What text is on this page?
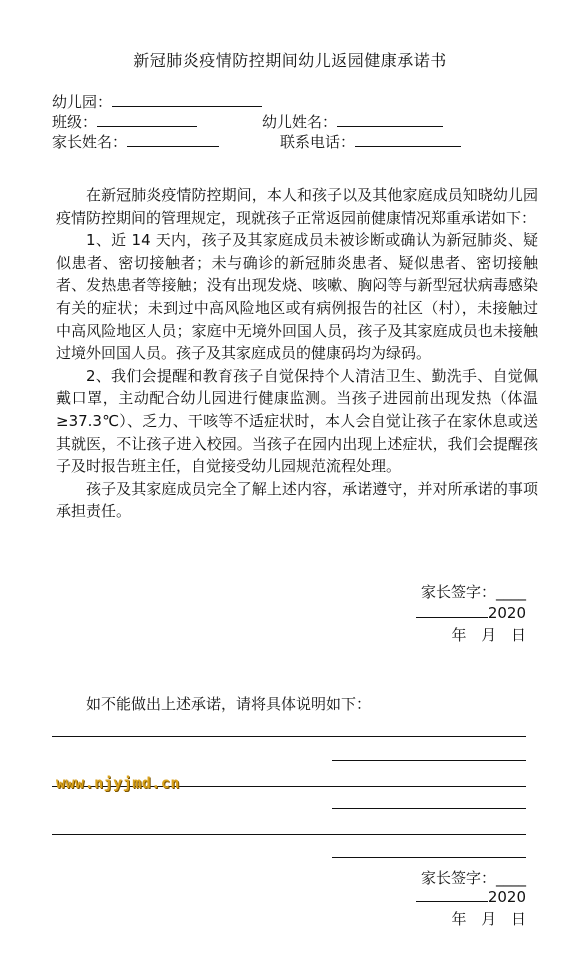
新冠肺炎疫情防控期间幼儿返园健康承诺书
幼儿园：
班级：	幼儿姓名：
家长姓名：	联系电话：

在新冠肺炎疫情防控期间，本人和孩子以及其他家庭成员知晓幼儿园疫情防控期间的管理规定，现就孩子正常返园前健康情况郑重承诺如下：

1、近 14 天内，孩子及其家庭成员未被诊断或确认为新冠肺炎、疑似患者、密切接触者；未与确诊的新冠肺炎患者、疑似患者、密切接触者、发热患者等接触；没有出现发烧、咳嗽、胸闷等与新型冠状病毒感染有关的症状；未到过中高风险地区或有病例报告的社区（村），未接触过中高风险地区人员；家庭中无境外回国人员，孩子及其家庭成员也未接触过境外回国人员。孩子及其家庭成员的健康码均为绿码。

2、我们会提醒和教育孩子自觉保持个人清洁卫生、勤洗手、自觉佩戴口罩，主动配合幼儿园进行健康监测。当孩子进园前出现发热（体温≥37.3℃）、乏力、干咳等不适症状时，本人会自觉让孩子在家休息或送其就医，不让孩子进入校园。当孩子在园内出现上述症状，我们会提醒孩子及时报告班主任，自觉接受幼儿园规范流程处理。

孩子及其家庭成员完全了解上述内容，承诺遵守，并对所承诺的事项承担责任。

家长签字：____
2020
年 月 日
如不能做出上述承诺，请将具体说明如下：
www.njyjmd.cn
家长签字：____
2020
年 月 日
